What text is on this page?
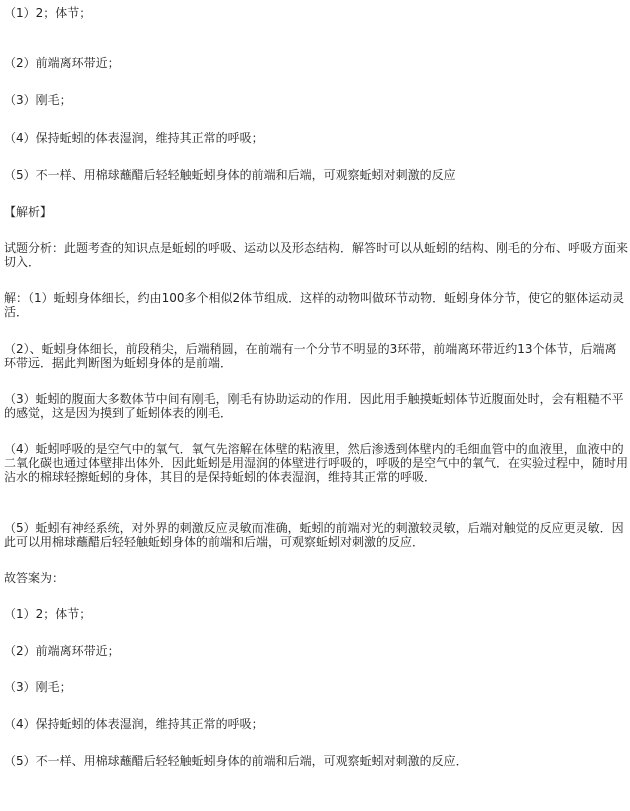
（1）2；体节；
（2）前端离环带近；
（3）刚毛；
（4）保持蚯蚓的体表湿润，维持其正常的呼吸；
（5）不一样、用棉球蘸醋后轻轻触蚯蚓身体的前端和后端，可观察蚯蚓对刺激的反应
【解析】
试题分析：此题考查的知识点是蚯蚓的呼吸、运动以及形态结构．解答时可以从蚯蚓的结构、刚毛的分布、呼吸方面来切入．
解：（1）蚯蚓身体细长，约由100多个相似2体节组成．这样的动物叫做环节动物．蚯蚓身体分节，使它的躯体运动灵活．
（2）、蚯蚓身体细长，前段稍尖，后端稍圆，在前端有一个分节不明显的3环带，前端离环带近约13个体节，后端离环带远．据此判断图为蚯蚓身体的是前端．
（3）蚯蚓的腹面大多数体节中间有刚毛，刚毛有协助运动的作用．因此用手触摸蚯蚓体节近腹面处时，会有粗糙不平的感觉，这是因为摸到了蚯蚓体表的刚毛．
（4）蚯蚓呼吸的是空气中的氧气．氧气先溶解在体壁的粘液里，然后渗透到体壁内的毛细血管中的血液里，血液中的二氧化碳也通过体壁排出体外．因此蚯蚓是用湿润的体壁进行呼吸的，呼吸的是空气中的氧气．在实验过程中，随时用沾水的棉球轻擦蚯蚓的身体，其目的是保持蚯蚓的体表湿润，维持其正常的呼吸．
（5）蚯蚓有神经系统，对外界的刺激反应灵敏而准确，蚯蚓的前端对光的刺激较灵敏，后端对触觉的反应更灵敏．因此可以用棉球蘸醋后轻轻触蚯蚓身体的前端和后端，可观察蚯蚓对刺激的反应．
故答案为：
（1）2；体节；
（2）前端离环带近；
（3）刚毛；
（4）保持蚯蚓的体表湿润，维持其正常的呼吸；
（5）不一样、用棉球蘸醋后轻轻触蚯蚓身体的前端和后端，可观察蚯蚓对刺激的反应．
